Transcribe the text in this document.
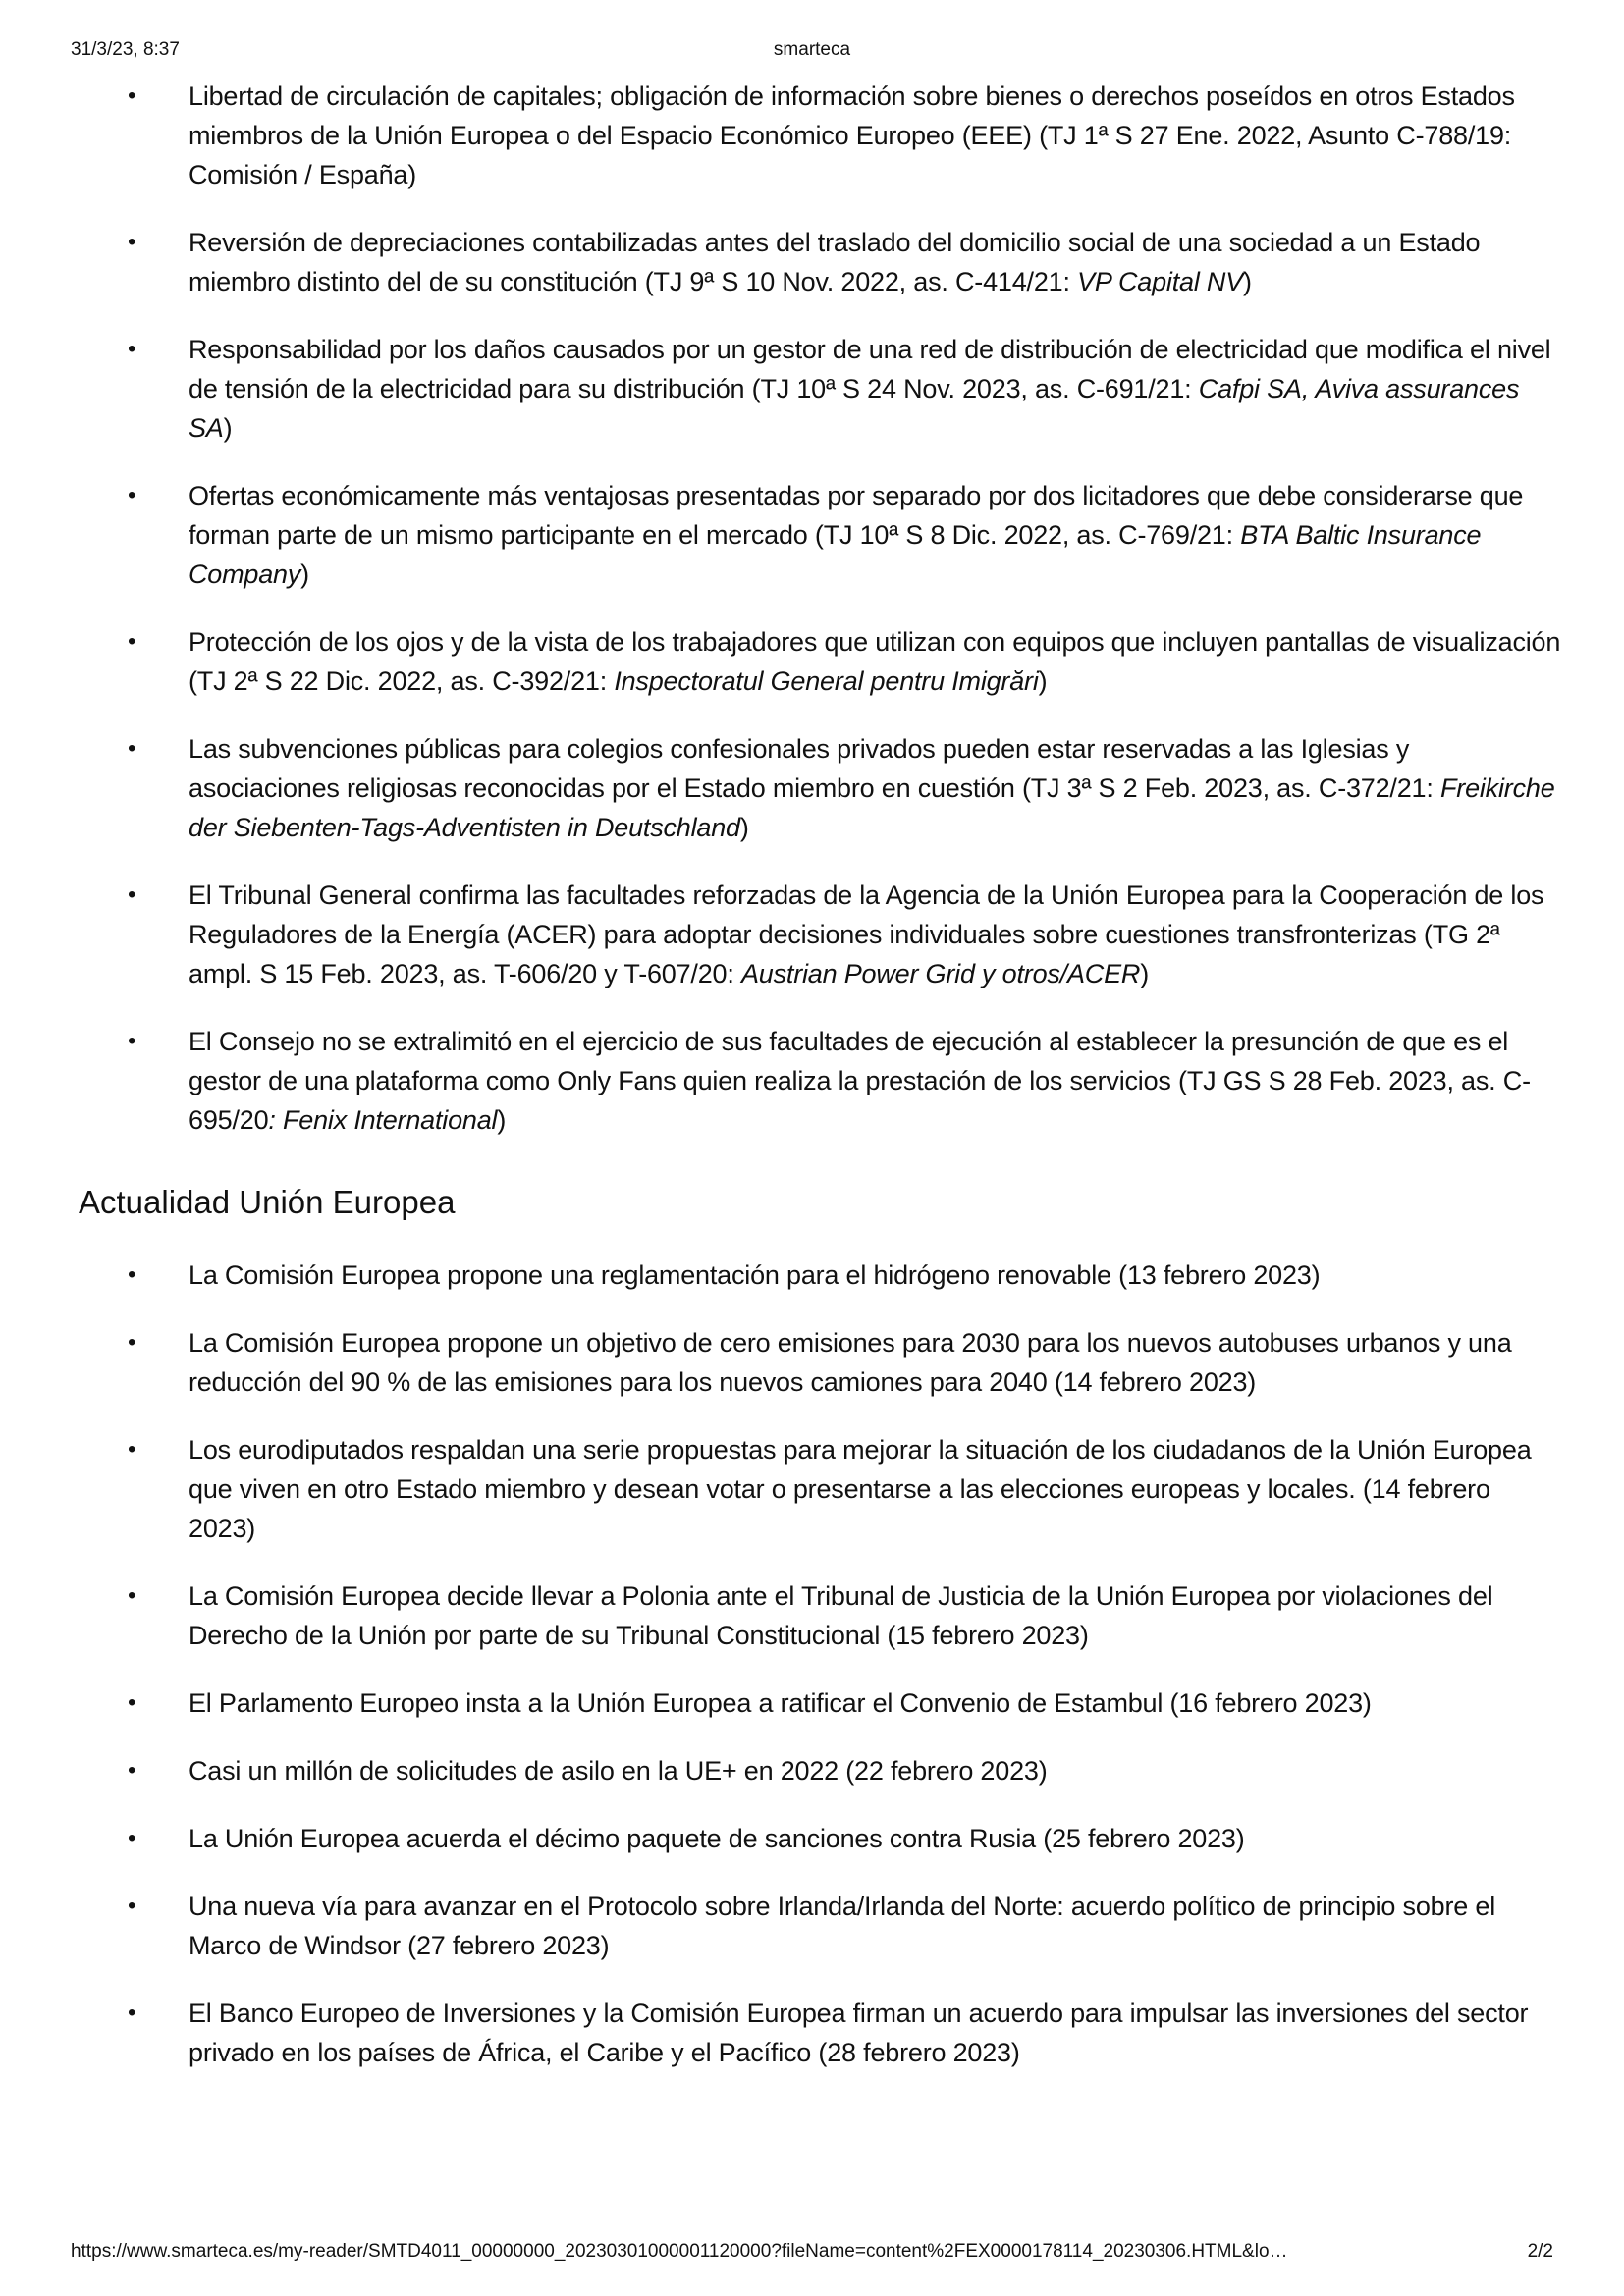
31/3/23, 8:37	smarteca
• Libertad de circulación de capitales; obligación de información sobre bienes o derechos poseídos en otros Estados miembros de la Unión Europea o del Espacio Económico Europeo (EEE) (TJ 1ª S 27 Ene. 2022, Asunto C-788/19: Comisión / España)
• Reversión de depreciaciones contabilizadas antes del traslado del domicilio social de una sociedad a un Estado miembro distinto del de su constitución (TJ 9ª S 10 Nov. 2022, as. C-414/21: VP Capital NV)
• Responsabilidad por los daños causados por un gestor de una red de distribución de electricidad que modifica el nivel de tensión de la electricidad para su distribución (TJ 10ª S 24 Nov. 2023, as. C-691/21: Cafpi SA, Aviva assurances SA)
• Ofertas económicamente más ventajosas presentadas por separado por dos licitadores que debe considerarse que forman parte de un mismo participante en el mercado (TJ 10ª S 8 Dic. 2022, as. C-769/21: BTA Baltic Insurance Company)
• Protección de los ojos y de la vista de los trabajadores que utilizan con equipos que incluyen pantallas de visualización (TJ 2ª S 22 Dic. 2022, as. C-392/21: Inspectoratul General pentru Imigrări)
• Las subvenciones públicas para colegios confesionales privados pueden estar reservadas a las Iglesias y asociaciones religiosas reconocidas por el Estado miembro en cuestión (TJ 3ª S 2 Feb. 2023, as. C-372/21: Freikirche der Siebenten-Tags-Adventisten in Deutschland)
• El Tribunal General confirma las facultades reforzadas de la Agencia de la Unión Europea para la Cooperación de los Reguladores de la Energía (ACER) para adoptar decisiones individuales sobre cuestiones transfronterizas (TG 2ª ampl. S 15 Feb. 2023, as. T-606/20 y T-607/20: Austrian Power Grid y otros/ACER)
• El Consejo no se extralimitó en el ejercicio de sus facultades de ejecución al establecer la presunción de que es el gestor de una plataforma como Only Fans quien realiza la prestación de los servicios (TJ GS S 28 Feb. 2023, as. C-695/20: Fenix International)
Actualidad Unión Europea
• La Comisión Europea propone una reglamentación para el hidrógeno renovable (13 febrero 2023)
• La Comisión Europea propone un objetivo de cero emisiones para 2030 para los nuevos autobuses urbanos y una reducción del 90 % de las emisiones para los nuevos camiones para 2040 (14 febrero 2023)
• Los eurodiputados respaldan una serie propuestas para mejorar la situación de los ciudadanos de la Unión Europea que viven en otro Estado miembro y desean votar o presentarse a las elecciones europeas y locales. (14 febrero 2023)
• La Comisión Europea decide llevar a Polonia ante el Tribunal de Justicia de la Unión Europea por violaciones del Derecho de la Unión por parte de su Tribunal Constitucional (15 febrero 2023)
• El Parlamento Europeo insta a la Unión Europea a ratificar el Convenio de Estambul (16 febrero 2023)
• Casi un millón de solicitudes de asilo en la UE+ en 2022 (22 febrero 2023)
• La Unión Europea acuerda el décimo paquete de sanciones contra Rusia (25 febrero 2023)
• Una nueva vía para avanzar en el Protocolo sobre Irlanda/Irlanda del Norte: acuerdo político de principio sobre el Marco de Windsor (27 febrero 2023)
• El Banco Europeo de Inversiones y la Comisión Europea firman un acuerdo para impulsar las inversiones del sector privado en los países de África, el Caribe y el Pacífico (28 febrero 2023)
https://www.smarteca.es/my-reader/SMTD4011_00000000_20230301000001120000?fileName=content%2FEX0000178114_20230306.HTML&lo…	2/2
